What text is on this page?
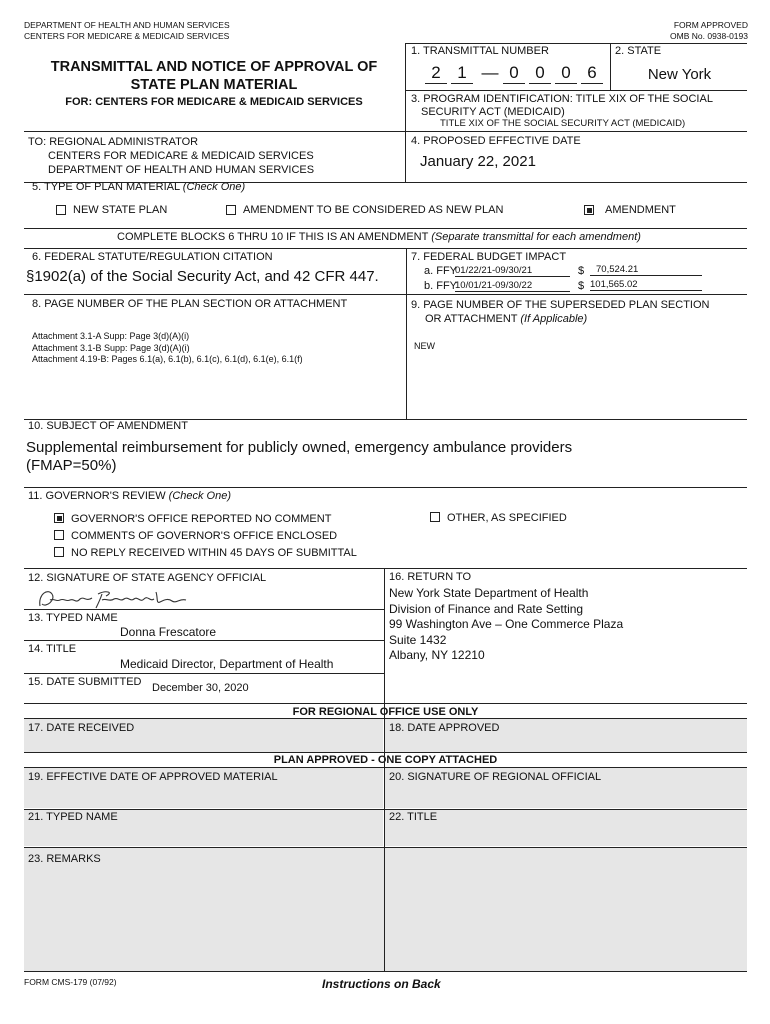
DEPARTMENT OF HEALTH AND HUMAN SERVICES
CENTERS FOR MEDICARE & MEDICAID SERVICES
FORM APPROVED
OMB No. 0938-0193
TRANSMITTAL AND NOTICE OF APPROVAL OF
STATE PLAN MATERIAL
FOR: CENTERS FOR MEDICARE & MEDICAID SERVICES
TO: REGIONAL ADMINISTRATOR
CENTERS FOR MEDICARE & MEDICAID SERVICES
DEPARTMENT OF HEALTH AND HUMAN SERVICES
1. TRANSMITTAL NUMBER
2 1 — 0 0 0 6
2. STATE
New York
3. PROGRAM IDENTIFICATION: TITLE XIX OF THE SOCIAL
SECURITY ACT (MEDICAID)
TITLE XIX OF THE SOCIAL SECURITY ACT (MEDICAID)
4. PROPOSED EFFECTIVE DATE
January 22, 2021
5. TYPE OF PLAN MATERIAL (Check One)
NEW STATE PLAN	AMENDMENT TO BE CONSIDERED AS NEW PLAN	AMENDMENT
COMPLETE BLOCKS 6 THRU 10 IF THIS IS AN AMENDMENT (Separate transmittal for each amendment)
6. FEDERAL STATUTE/REGULATION CITATION
§1902(a) of the Social Security Act, and 42 CFR 447.
7. FEDERAL BUDGET IMPACT
a. FFY
01/22/21-09/30/21	$	70,524.21
b. FFY
10/01/21-09/30/22	$ 101,565.02
8. PAGE NUMBER OF THE PLAN SECTION OR ATTACHMENT
Attachment 3.1-A Supp: Page 3(d)(A)(i)
Attachment 3.1-B Supp: Page 3(d)(A)(i)
Attachment 4.19-B: Pages 6.1(a), 6.1(b), 6.1(c), 6.1(d), 6.1(e), 6.1(f)
9. PAGE NUMBER OF THE SUPERSEDED PLAN SECTION
OR ATTACHMENT (If Applicable)
NEW
10. SUBJECT OF AMENDMENT
Supplemental reimbursement for publicly owned, emergency ambulance providers
(FMAP=50%)
11. GOVERNOR'S REVIEW (Check One)
GOVERNOR'S OFFICE REPORTED NO COMMENT
COMMENTS OF GOVERNOR'S OFFICE ENCLOSED
NO REPLY RECEIVED WITHIN 45 DAYS OF SUBMITTAL
OTHER, AS SPECIFIED
12. SIGNATURE OF STATE AGENCY OFFICIAL
13. TYPED NAME
Donna Frescatore
14. TITLE
Medicaid Director, Department of Health
15. DATE SUBMITTED December 30, 2020
16. RETURN TO
New York State Department of Health
Division of Finance and Rate Setting
99 Washington Ave – One Commerce Plaza
Suite 1432
Albany, NY 12210
FOR REGIONAL OFFICE USE ONLY
17. DATE RECEIVED	18. DATE APPROVED
PLAN APPROVED - ONE COPY ATTACHED
19. EFFECTIVE DATE OF APPROVED MATERIAL	20. SIGNATURE OF REGIONAL OFFICIAL
21. TYPED NAME	22. TITLE
23. REMARKS
FORM CMS-179 (07/92)	Instructions on Back
